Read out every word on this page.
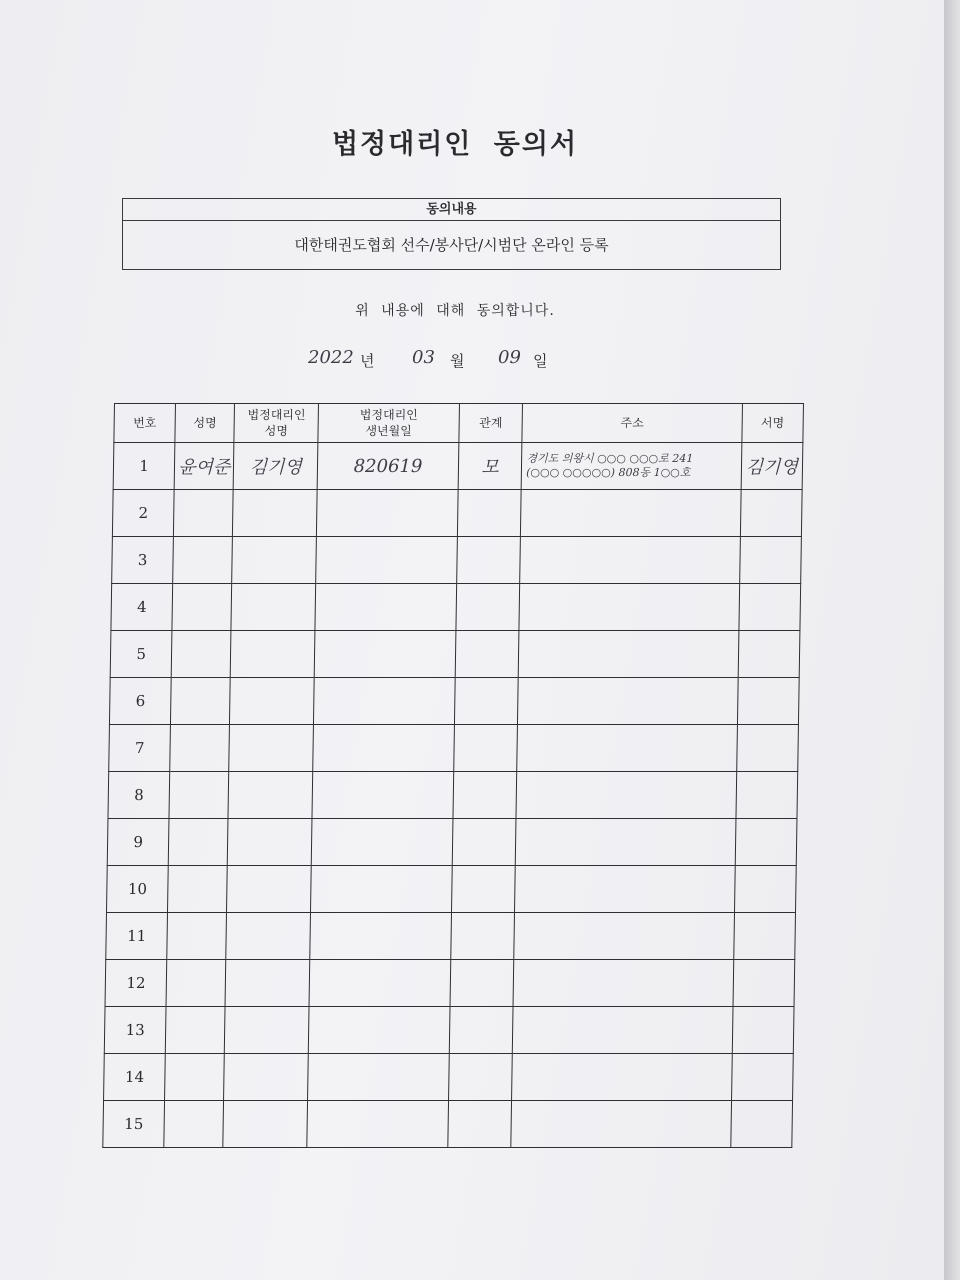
법정대리인 동의서
동의내용
대한태권도협회 선수/봉사단/시범단 온라인 등록
위 내용에 대해 동의합니다.
2022 년 03 월 09 일
번호	성명	법정대리인 성명	법정대리인 생년월일	관계	주소	서명
1	윤여준	김기영	820619	모	경기도 의왕시 ○○○ ○○○로 241
(○○○ ○○○○○) 808동 1○○호	김기영
2					

3					

4					

5					

6					

7					

8					

9					

10					

11					

12					

13					

14					

15					
